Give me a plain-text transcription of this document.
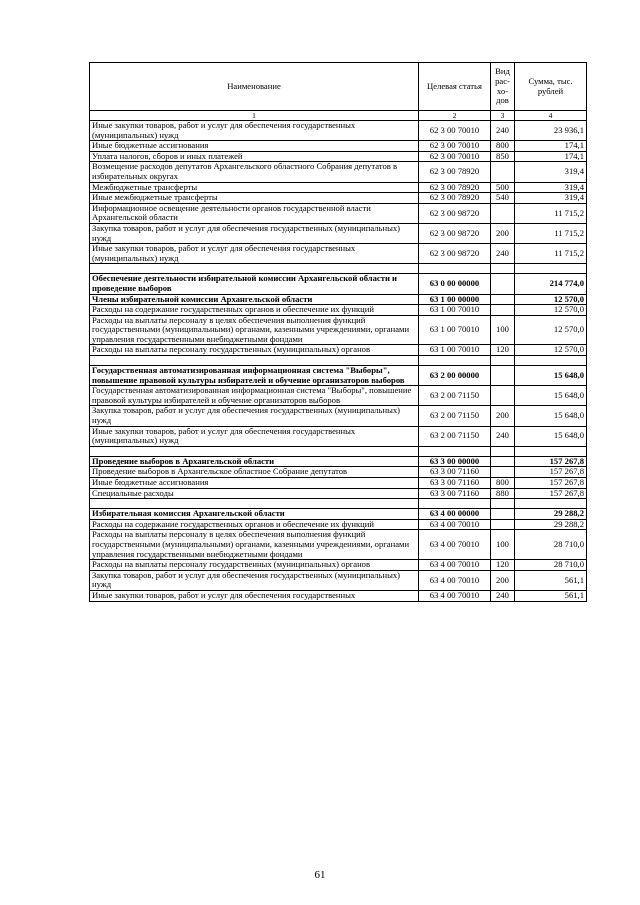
Наименование	Целевая статья	Вид рас-хо-дов	Сумма, тыс. рублей
1	2	3	4
Иные закупки товаров, работ и услуг для обеспечения государственных (муниципальных) нужд	62 3 00 70010	240	23 936,1
Иные бюджетные ассигнования	62 3 00 70010	800	174,1
Уплата налогов, сборов и иных платежей	62 3 00 70010	850	174,1
Возмещение расходов депутатов Архангельского областного Собрания депутатов в избирательных округах	62 3 00 78920		319,4
Межбюджетные трансферты	62 3 00 78920	500	319,4
Иные межбюджетные трансферты	62 3 00 78920	540	319,4
Информационное освещение деятельности органов государственной власти Архангельской области	62 3 00 98720		11 715,2
Закупка товаров, работ и услуг для обеспечения государственных (муниципальных) нужд	62 3 00 98720	200	11 715,2
Иные закупки товаров, работ и услуг для обеспечения государственных (муниципальных) нужд	62 3 00 98720	240	11 715,2

Обеспечение деятельности избирательной комиссии Архангельской области и проведение выборов	63 0 00 00000		214 774,0
Члены избирательной комиссии Архангельской области	63 1 00 00000		12 570,0
Расходы на содержание государственных органов и обеспечение их функций	63 1 00 70010		12 570,0
Расходы на выплаты персоналу в целях обеспечения выполнения функций государственными (муниципальными) органами, казенными учреждениями, органами управления государственными внебюджетными фондами	63 1 00 70010	100	12 570,0
Расходы на выплаты персоналу государственных (муниципальных) органов	63 1 00 70010	120	12 570,0

Государственная автоматизированная информационная система "Выборы", повышение правовой культуры избирателей и обучение организаторов выборов	63 2 00 00000		15 648,0
Государственная автоматизированная информационная система "Выборы", повышение правовой культуры избирателей и обучение организаторов выборов	63 2 00 71150		15 648,0
Закупка товаров, работ и услуг для обеспечения государственных (муниципальных) нужд	63 2 00 71150	200	15 648,0
Иные закупки товаров, работ и услуг для обеспечения государственных (муниципальных) нужд	63 2 00 71150	240	15 648,0

Проведение выборов в Архангельской области	63 3 00 00000		157 267,8
Проведение выборов в Архангельское областное Собрание депутатов	63 3 00 71160		157 267,8
Иные бюджетные ассигнования	63 3 00 71160	800	157 267,8
Специальные расходы	63 3 00 71160	880	157 267,8

Избирательная комиссия Архангельской области	63 4 00 00000		29 288,2
Расходы на содержание государственных органов и обеспечение их функций	63 4 00 70010		29 288,2
Расходы на выплаты персоналу в целях обеспечения выполнения функций государственными (муниципальными) органами, казенными учреждениями, органами управления государственными внебюджетными фондами	63 4 00 70010	100	28 710,0
Расходы на выплаты персоналу государственных (муниципальных) органов	63 4 00 70010	120	28 710,0
Закупка товаров, работ и услуг для обеспечения государственных (муниципальных) нужд	63 4 00 70010	200	561,1
Иные закупки товаров, работ и услуг для обеспечения государственных	63 4 00 70010	240	561,1
61
